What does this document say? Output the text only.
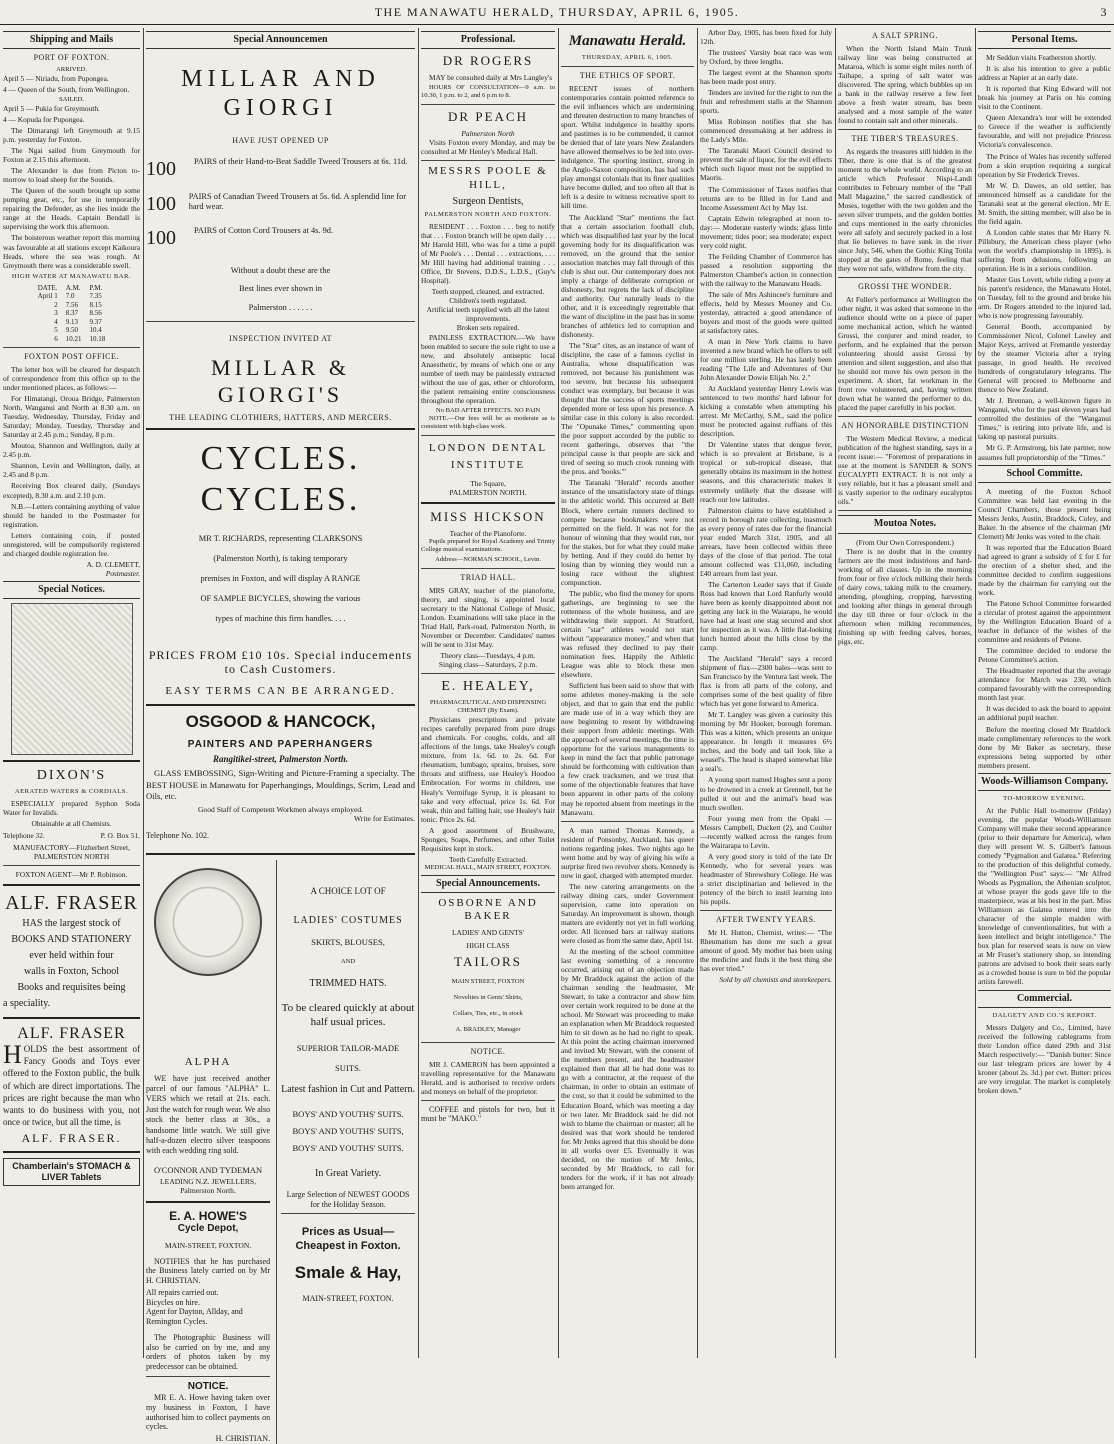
THE MANAWATU HERALD, THURSDAY, APRIL 6, 1905.	3
Shipping and Mails
PORT OF FOXTON.
ARRIVED.

April 5 — Niriadu, from Pupongea.

4 — Queen of the South, from Wellington.

SAILED.

April 5 — Pukia for Greymouth.

4 — Kopuda for Pupongea.

The Dimarangi left Greymouth at 9.15 p.m. yesterday for Foxton.

The Ngai sailed from Greymouth for Foxton at 2.15 this afternoon.

The Alexander is due from Picton to-morrow to load sheep for the Sounds.

The Queen of the south brought up some pumping gear, etc., for use in temporarily repairing the Defender, as she lies inside the range at the Heads. Captain Bendall is supervising the work this afternoon.

The boisterous weather report this morning was favourable at all stations except Kaikoura Heads, where the sea was rough. At Greymouth there was a considerable swell.

HIGH WATER AT MANAWATU BAR.
DATE.	A.M.	P.M.
April 1	7.0	7.35
2	7.56	8.15
3	8.37	8.56
4	9.13	9.37
5	9.50	10.4
6	10.21	10.18
FOXTON POST OFFICE.

The letter box will be cleared for despatch of correspondence from this office up to the under mentioned places, as follows:—

For Himatangi, Oroua Bridge, Palmerston North, Wanganui and North at 8.30 a.m. on Tuesday, Wednesday, Thursday, Friday and Saturday; Monday, Tuesday, Thursday and Saturday at 2.45 p.m.; Sunday, 8 p.m.

Moutoa, Shannon and Wellington, daily at 2.45 p.m.

Shannon, Levin and Wellington, daily, at 2.45 and 8 p.m.

Receiving Box cleared daily, (Sundays excepted), 8.30 a.m. and 2.10 p.m.

N.B.—Letters containing anything of value should be handed to the Postmaster for registration.

Letters containing coin, if posted unregistered, will be compulsorily registered and charged double registration fee.

A. D. CLEMETT,
Postmaster.
Special Notices.
DIXON'S
AERATED WATERS & CORDIALS.

ESPECIALLY prepared Syphon Soda Water for Invalids.

Obtainable at all Chemists.
Telephone 32.	P. O. Box 51.
MANUFACTORY—Fitzherbert Street, PALMERSTON NORTH
FOXTON AGENT—Mr P. Robinson.
ALF. FRASER
HAS the largest stock of
BOOKS AND STATIONERY
ever held within four
walls in Foxton, School
Books and requisites being
a speciality.
ALF. FRASER

HOLDS the best assortment of Fancy Goods and Toys ever offered to the Foxton public, the bulk of which are direct importations. The prices are right because the man who wants to do business with you, not once or twice, but all the time, is

ALF. FRASER.
Chamberlain's STOMACH & LIVER Tablets
Special Announcemen
MILLAR AND GIORGI
HAVE JUST OPENED UP
100	PAIRS of their Hand-to-Beat Saddle Tweed Trousers at 6s. 11d.
100	PAIRS of Canadian Tweed Trousers at 5s. 6d. A splendid line for hard wear.
100	PAIRS of Cotton Cord Trousers at 4s. 9d.
Without a doubt these are the
Best lines ever shown in
Palmerston . . . . . .
INSPECTION INVITED AT
MILLAR & GIORGI'S
THE LEADING CLOTHIERS, HATTERS, AND MERCERS.
CYCLES. CYCLES.
MR T. RICHARDS, representing CLARKSONS
(Palmerston North), is taking temporary
premises in Foxton, and will display A RANGE
OF SAMPLE BICYCLES, showing the various
types of machine this firm handles. . . .
PRICES FROM £10 10s. Special inducements to Cash Customers.
EASY TERMS CAN BE ARRANGED.
OSGOOD & HANCOCK,
PAINTERS AND PAPERHANGERS
Rangitikei-street, Palmerston North.

GLASS EMBOSSING, Sign-Writing and Picture-Framing a specialty. The BEST HOUSE in Manawatu for Paperhangings, Mouldings, Scrim, Lead and Oils, etc.

Good Staff of Competent Workmen always employed.
Write for Estimates.
Telephone No. 102.
ALPHA

WE have just received another parcel of our famous "ALPHA" L. VERS which we retail at 21s. each. Just the watch for rough wear. We also stock the better class at 30s., a handsome little watch. We still give half-a-dozen electro silver teaspoons with each wedding ring sold.

O'CONNOR AND TYDEMAN
LEADING N.Z. JEWELLERS, Palmerston North.
E. A. HOWE'S
Cycle Depot,
MAIN-STREET, FOXTON.

NOTIFIES that he has purchased the Business lately carried on by Mr H. CHRISTIAN.

All repairs carried out.
Bicycles on hire.
Agent for Dayton, Allday, and Remington Cycles.

The Photographic Business will also be carried on by me, and any orders of photos taken by my predecessor can be obtained.

NOTICE.

MR E. A. Howe having taken over my business in Foxton, I have authorised him to collect payments on cycles.

H. CHRISTIAN.
A CHOICE LOT OF
LADIES' COSTUMES
SKIRTS, BLOUSES,
AND
TRIMMED HATS.
To be cleared quickly at about half usual prices.
SUPERIOR TAILOR-MADE
SUITS.
Latest fashion in Cut and Pattern.
BOYS' AND YOUTHS' SUITS.
BOYS' AND YOUTHS' SUITS,
BOYS' AND YOUTHS' SUITS.
In Great Variety.
Large Selection of NEWEST GOODS for the Holiday Season.
Prices as Usual—
Cheapest in Foxton.
Smale & Hay,
MAIN-STREET, FOXTON.
Professional.
DR ROGERS

MAY be consulted daily at Mrs Langley's

HOURS OF CONSULTATION—9 a.m. to 10.30, 1 p.m. to 2, and 6 p.m to 8.

DR PEACH
Palmerston North

Visits Foxton every Monday, and may be consulted at Mr Henley's Medical Hall.

MESSRS POOLE & HILL,
Surgeon Dentists,
PALMERSTON NORTH AND FOXTON.

RESIDENT . . . Foxton . . . beg to notify that . . . Foxton branch will be open daily . . . Mr Harold Hill, who was for a time a pupil of Mr Poole's . . . Dental . . . extractions, . . . Mr Hill having had additional training . . . Office, Dr Stevens, D.D.S., L.D.S., (Guy's Hospital).

Teeth stopped, cleaned, and extracted.
Children's teeth regulated.
Artificial teeth supplied with all the latest improvements.
Broken sets repaired.

PAINLESS EXTRACTION.—We have been enabled to secure the sole right to use a new, and absolutely antiseptic local Anaesthetic, by means of which one or any number of teeth may be painlessly extracted without the use of gas, ether or chloroform, the patient remaining entire consciousness throughout the operation.

No BAD AFTER EFFECTS. NO PAIN

NOTE.—Our fees will be as moderate as is consistent with high-class work.

LONDON DENTAL INSTITUTE
The Square,
PALMERSTON NORTH.
MISS HICKSON
Teacher of the Pianoforte.

Pupils prepared for Royal Academy and Trinity College musical examinations.

Address—NORMAN SCHOOL, Levin.
TRIAD HALL.

MRS GRAY, teacher of the pianoforte, theory, and singing, is appointed local secretary to the National College of Music, London. Examinations will take place in the Triad Hall, Park-road, Palmerston North, in November or December. Candidates' names will be sent to 31st May.

Theory class—Tuesdays, 4 p.m.
Singing class—Saturdays, 2 p.m.
E. HEALEY,
PHARMACEUTICAL AND DISPENSING CHEMIST (By Exam).

Physicians prescriptions and private recipes carefully prepared from pure drugs and chemicals. For coughs, colds, and all affections of the lungs, take Healey's cough mixture, from 1s. 6d. to 2s. 6d. For rheumatism, lumbago, sprains, bruises, sore throats and stiffness, use Healey's Hoodoo Embrocation. For worms in children, use Healy's Vermifuge Syrup, it is pleasant to take and very effectual, price 1s. 6d. For weak, thin and falling hair, use Healey's hair tonic. Price 2s. 6d.

A good assortment of Brushware, Sponges, Soaps, Perfumes, and other Toilet Requisites kept in stock.

Teeth Carefully Extracted.
MEDICAL HALL, MAIN STREET, FOXTON.
Special Announcements.
OSBORNE AND BAKER
LADIES' AND GENTS'
HIGH CLASS
TAILORS
MAIN STREET, FOXTON
Novelties in Gents' Shirts,
Collars, Ties, etc., in stock
A. BRADLEY, Manager
NOTICE.

MR J. CAMERON has been appointed a travelling representative for the Manawatu Herald, and is authorised to receive orders and moneys on behalf of the proprietor.

COFFEE and pistols for two, but it must be "MAKO."

Manawatu Herald.
THURSDAY, APRIL 6, 1905.
THE ETHICS OF SPORT.

RECENT issues of northern contemporaries contain pointed reference to the evil influences which are undermining and threaten destruction to many branches of sport. Whilst indulgence in healthy sports and pastimes is to be commended, it cannot be denied that of late years New Zealanders have allowed themselves to be led into over-indulgence. The sporting instinct, strong in the Anglo-Saxon composition, has had such play amongst colonials that its finer qualities have become dulled, and too often all that is left is a desire to witness recreative sport to kill time.

The Auckland "Star" mentions the fact that a certain association football club, which was disqualified last year by the local governing body for its disqualification was removed, on the ground that the senior association matches may fall through of this club is shut out. Our contemporary does not imply a charge of deliberate corruption or dishonesty, but regrets the lack of discipline and authority. Our naturally leads to the other, and it is exceedingly regrettable that the want of discipline in the past has in some branches of athletics led to corruption and dishonesty.

The "Star" cites, as an instance of want of discipline, the case of a famous cyclist in Australia, whose disqualification was removed, not because his punishment was too severe, but because his subsequent conduct was exemplary, but because it was thought that the success of sports meetings depended more or less upon his presence. A similar case in this colony is also recorded. The "Opunake Times," commenting upon the poor support accorded by the public to recent gatherings, observes that "the principal cause is that people are sick and tired of seeing so much crook running with the pros. and 'books.'"

The Taranaki "Herald" records another instance of the unsatisfactory state of things in the athletic world. This occurred at Bell Block, where certain runners declined to compete because bookmakers were not permitted on the field. It was not for the honour of winning that they would run, nor for the stakes, but for what they could make by betting. And if they could do better by losing than by winning they would run a losing race without the slightest compunction.

The public, who find the money for sports gatherings, are beginning to see the rottenness of the whole business, and are withdrawing their support. At Stratford, certain "star" athletes would not start without "appearance money," and when that was refused they declined to pay their nomination fees. Happily the Athletic League was able to block these men elsewhere.

Sufficient has been said to show that with some athletes money-making is the sole object, and that to gain that end the public are made use of in a way which they are now beginning to resent by withdrawing their support from athletic meetings. With the approach of several meetings, the time is opportune for the various managements to keep in mind the fact that public patronage should be forthcoming with cultivation than a few crack tracksmen, and we trust that some of the objectionable features that have been apparent in other parts of the colony may be reported absent from meetings in the Manawatu.

A man named Thomas Kennedy, a resident of Ponsonby, Auckland, has queer notions regarding jokes. Two nights ago he went home and by way of giving his wife a surprise fired two revolver shots. Kennedy is now in gaol, charged with attempted murder.

The new catering arrangements on the railway dining cars, under Government supervision, came into operation on Saturday. An improvement is shown, though matters are evidently not yet in full working order. All licensed bars at railway stations were closed as from the same date, April 1st.

At the meeting of the school committee last evening something of a rencontre occurred, arising out of an objection made by Mr Braddock against the action of the chairman sending the headmaster, Mr Stewart, to take a contractor and show him over certain work required to be done at the school. Mr Stewart was proceeding to make an explanation when Mr Braddock requested him to sit down as he had no right to speak. At this point the acting chairman intervened and invited Mr Stewart, with the consent of the members present, and the headmaster explained then that all he had done was to go with a contractor, at the request of the chairman, in order to obtain an estimate of the cost, so that it could be submitted to the Education Board, which was meeting a day or two later. Mr Braddock said he did not wish to blame the chairman or master; all he desired was that work should be tendered for. Mr Jenks agreed that this should be done in all works over £5. Eventually it was decided, on the motion of Mr Jenks, seconded by Mr Braddock, to call for tenders for the work, if it has not already been arranged for.

Arbor Day, 1905, has been fixed for July 12th.

The trustees' Varsity boat race was won by Oxford, by three lengths.

The largest event at the Shannon sports has been made post entry.

Tenders are invited for the right to run the fruit and refreshment stalls at the Shannon sports.

Miss Robinson notifies that she has commenced dressmaking at her address in the Lady's Mile.

The Taranaki Maori Council desired to prevent the sale of liquor, for the evil effects which such liquor must not be supplied to Maoris.

The Commissioner of Taxes notifies that returns are to be filled in for Land and Income Assessment Act by May 1st.

Captain Edwin telegraphed at noon to-day:— Moderate easterly winds; glass little movement; tides poor; sea moderate; expect very cold night.

The Feilding Chamber of Commerce has passed a resolution supporting the Palmerston Chamber's action in connection with the railway to the Manawatu Heads.

The sale of Mrs Ashincee's furniture and effects, held by Messrs Mooney and Co. yesterday, attracted a good attendance of buyers and most of the goods were quitted at satisfactory rates.

A man in New York claims to have invented a new brand which he offers to sell for one million sterling. He has lately been reading "The Life and Adventures of Our John Alexander Dowie Elijah No. 2."

At Auckland yesterday Henry Lewis was sentenced to two months' hard labour for kicking a constable when attempting his arrest. Mr McCarthy, S.M., said the police must be protected against ruffians of this description.

Dr Valentine states that dengue fever, which is so prevalent at Brisbane, is a tropical or sub-tropical disease, that generally obtains its maximum in the hottest seasons, and this characteristic makes it extremely unlikely that the disease will reach our low latitudes.

Palmerston claims to have established a record in borough rate collecting, inasmuch as every penny of rates due for the financial year ended March 31st, 1905, and all arrears, have been collected within three days of the close of that period. The total amount collected was £11,060, including £40 arrears from last year.

The Carterton Leader says that if Guide Ross had known that Lord Ranfurly would have been as keenly disappointed about not getting any luck in the Waiarapu, he would have had at least one stag secured and shot for inspection as it was. A little flat-looking lunch hunted about the hills close by the camp.

The Auckland "Herald" says a record shipment of flax—2300 bales—was sent to San Francisco by the Ventura last week. The flax is from all parts of the colony, and comprises some of the best quality of fibre which has yet gone forward to America.

Mr T. Langley was given a curiosity this morning by Mr Hooker, borough foreman. This was a kitten, which presents an unique appearance. In length it measures 6½ inches, and the body and tail look like a weasel's. The head is shaped somewhat like a seal's.

A young sport named Hughes sent a pony to be drowned in a creek at Grennell, but he pulled it out and the animal's head was much swollen.

Four young men from the Opaki — Messrs Campbell, Duckett (2), and Coulter—recently walked across the ranges from the Wairarapa to Levin.

A very good story is told of the late Dr Kennedy, who for several years was headmaster of Shrewsbury College. He was a strict disciplinarian and believed in the potency of the birch to instil learning into his pupils.

AFTER TWENTY YEARS.

Mr H. Hutton, Chemist, writes:— "The Rheumatism has done me such a great amount of good. My mother has been using the medicine and finds it the best thing she has ever tried."

Sold by all chemists and storekeepers.
A SALT SPRING.

When the North Island Main Trunk railway line was being constructed at Mataroa, which is some eight miles north of Taihape, a spring of salt water was discovered. The spring, which bubbles up on a bank in the railway reserve a few feet above a fresh water stream, has been analysed and a most sample of the water found to contain salt and other minerals.

THE TIBER'S TREASURES.

As regards the treasures still hidden in the Tiber, there is one that is of the greatest moment to the whole world. According to an article which Professor Nispi-Landi contributes to February number of the "Pall Mall Magazine," the sacred candlestick of Moses, together with the two golden and the seven silver trumpets, and the golden bottles and cups mentioned in the early chronicles were all safely and securely packed in a lost that lie believes to have sunk in the river since July, 546, when the Gothic King Totila stopped at the gates of Rome, feeling that they were not safe, withdrew from the city.

GROSSI THE WONDER.

At Fuller's performance at Wellington the other night, it was asked that someone in the audience should write on a piece of paper some mechanical action, which he wanted Grossi, the conjurer and mind reader, to perform, and he explained that the person volunteering should assist Grossi by attention and silent suggestion, and also that he should not move his own person in the experiment. A short, fat workman in the front row volunteered, and, having written down what he wanted the performer to do, placed the paper carefully in his pocket.

AN HONORABLE DISTINCTION

The Western Medical Review, a medical publication of the highest standing, says in a recent issue:— "Foremost of preparations in use at the moment is SANDER & SON'S EUCALYPTI EXTRACT. It is not only a very reliable, but it has a pleasant smell and is vastly superior to the ordinary eucalyptus oils."

Moutoa Notes.
(From Our Own Correspondent.)

There is no doubt that in the country farmers are the most industrious and hard-working of all classes. Up in the morning from four or five o'clock milking their herds of dairy cows, taking milk to the creamery, attending, ploughing, cropping, harvesting and looking after things in general through the day till three or four o'clock in the afternoon when milking recommences, finishing up with feeding calves, horses, pigs, etc.

Personal Items.

Mr Seddon visits Featherston shortly.

It is also his intention to give a public address at Napier at an early date.

It is reported that King Edward will not break his journey at Paris on his coming visit to the Continent.

Queen Alexandra's tour will be extended to Greece if the weather is sufficiently favourable, and will not prejudice Princess Victoria's convalescence.

The Prince of Wales has recently suffered from a skin eruption requiring a surgical operation by Sir Frederick Treves.

Mr W. D. Dawes, an old settler, has announced himself as a candidate for the Taranaki seat at the general election. Mr E. M. Smith, the sitting member, will also be in the field again.

A London cable states that Mr Harry N. Pillsbury, the American chess player (who won the world's championship in 1895), is suffering from delusions, following an operation. He is in a serious condition.

Master Gus Lovett, while riding a pony at his parent's residence, the Manawatu Hotel, on Tuesday, fell to the ground and broke his arm. Dr Rogers attended to the injured lad, who is now progressing favourably.

General Booth, accompanied by Commissioner Nicol, Colonel Lawley and Major Keys, arrived at Fremantle yesterday by the steamer Victoria after a trying passage, in good health. He received hundreds of congratulatory telegrams. The General will proceed to Melbourne and thence to New Zealand.

Mr J. Brennan, a well-known figure in Wanganui, who for the past eleven years had controlled the destinies of the "Wanganui Times," is retiring into private life, and is taking up pastoral pursuits.

Mr G. P. Armstrong, his late partner, now assumes full proprietorship of the "Times."

School Committe.

A meeting of the Foxton School Committee was held last evening in the Council Chambers, those present being Messrs Jenks, Austin, Braddock, Coley, and Baker. In the absence of the chairman (Mr Clemett) Mr Jenks was voted to the chair.

It was reported that the Education Board had agreed to grant a subsidy of £ for £ for the erection of a shelter shed, and the committee decided to confirm suggestions made by the chairman for carrying out the work.

The Patone School Committee forwarded a circular of protest against the appointment by the Wellington Education Board of a teacher in defiance of the wishes of the committee and residents of Petone.

The committee decided to endorse the Petone Committee's action.

The Headmaster reported that the average attendance for March was 230, which compared favourably with the corresponding month last year.

It was decided to ask the board to appoint an additional pupil teacher.

Before the meeting closed Mr Braddock made complimentary references to the work done by Mr Baker as secretary, these expressions being supported by other members present.

Woods-Williamson Company.
TO-MORROW EVENING.

At the Public Hall to-morrow (Friday) evening, the popular Woods-Williamson Company will make their second appearance (prior to their departure for America), when they will present W. S. Gilbert's famous comedy "Pygmalion and Galatea." Referring to the production of this delightful comedy, the "Wellington Post" says:— "Mr Alfred Woods as Pygmalion, the Athenian sculptor, at whose prayer the gods gave life to the masterpiece, was at his best in the part. Miss Williamson as Galatea entered into the character of the simple maiden with knowledge of conventionalities, but with a keen intellect and bright intelligence." The box plan for reserved seats is now on view at Mr Fraser's stationery shop, so intending patrons are advised to book their seats early as a crowded house is sure to bid the popular artists farewell.

Commercial.
DALGETY AND CO.'S REPORT.

Messrs Dalgety and Co., Limited, have received the following cablegrams from their London office dated 29th and 31st March respectively:— "Danish butter: Since our last telegram prices are lower by 4 kroner (about 2s. 3d.) per cwt. Butter: prices are very irregular. The market is completely broken down."
